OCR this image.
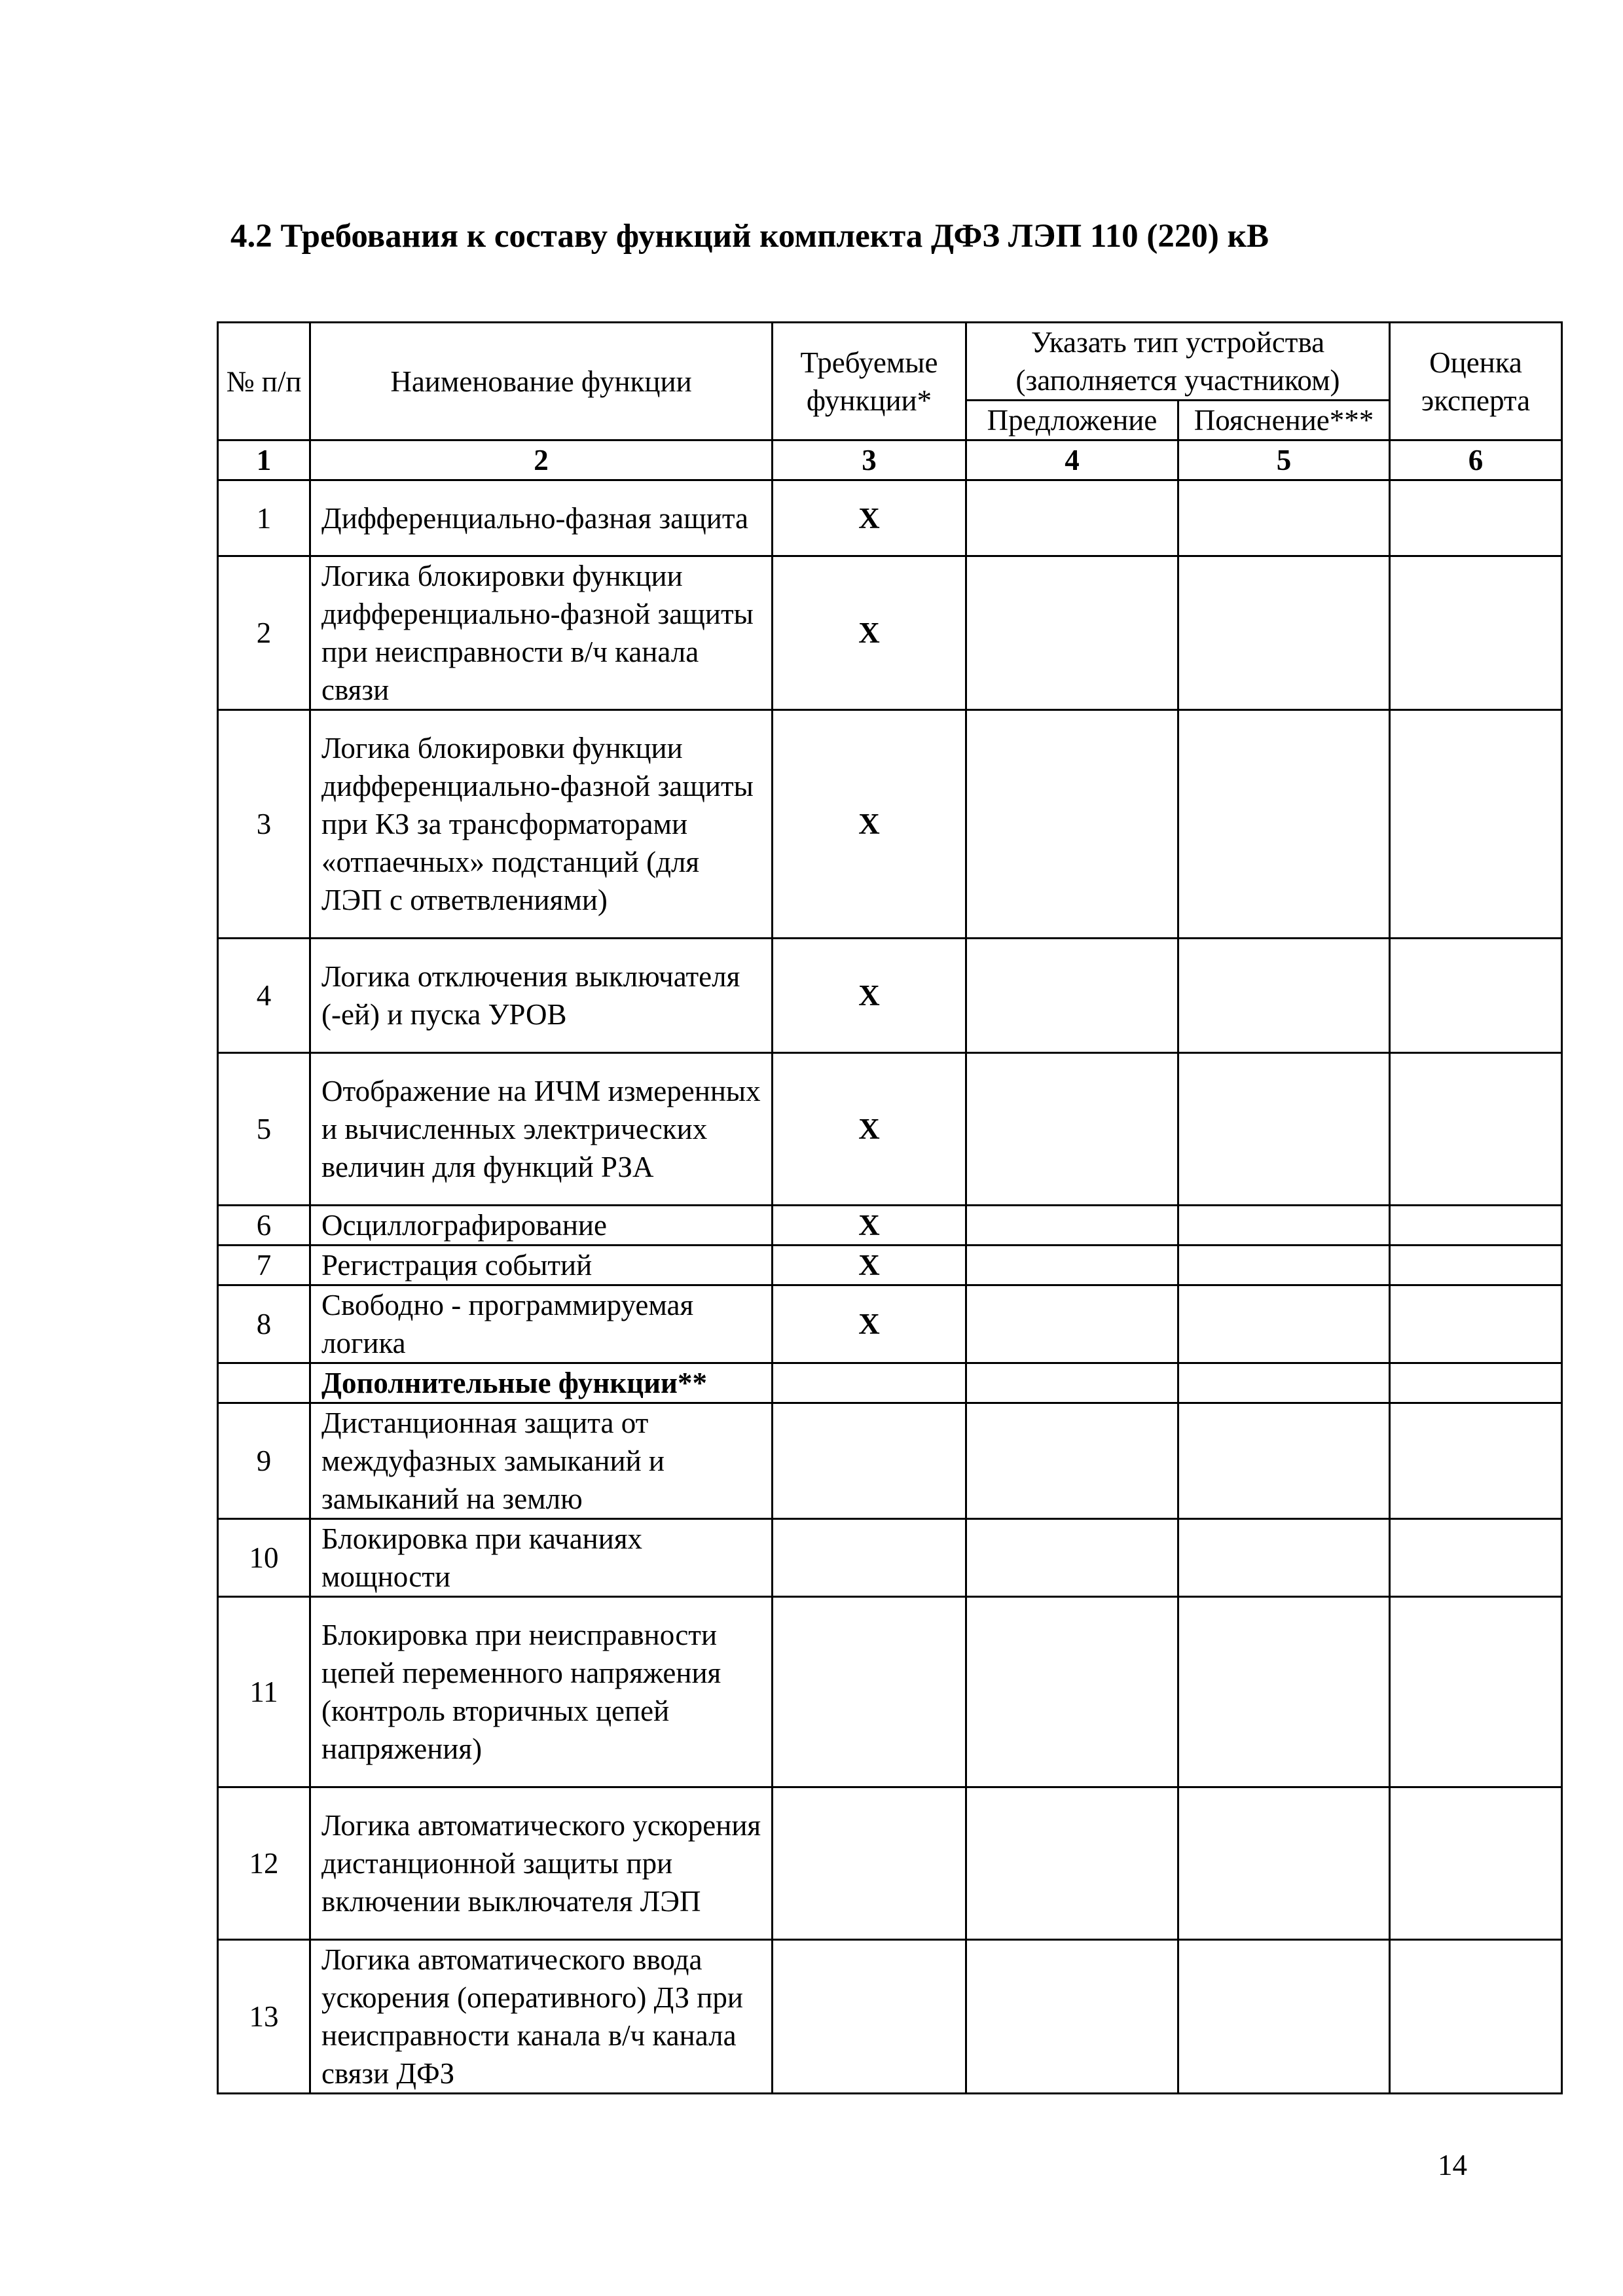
4.2 Требования к составу функций комплекта ДФЗ ЛЭП 110 (220) кВ
№ п/п	Наименование функции	Требуемые функции*	Указать тип устройства (заполняется участником)		Оценка эксперта
			Предложение	Пояснение***	
1	2	3	4	5	6
1	Дифференциально-фазная защита	Х			
2	Логика блокировки функции дифференциально-фазной защиты при неисправности в/ч канала связи	Х			
3	Логика блокировки функции дифференциально-фазной защиты при КЗ за трансформаторами «отпаечных» подстанций (для ЛЭП с ответвлениями)	Х			
4	Логика отключения выключателя (-ей) и пуска УРОВ	Х			
5	Отображение на ИЧМ измеренных и вычисленных электрических величин для функций РЗА	Х			
6	Осциллографирование	Х			
7	Регистрация событий	Х			
8	Свободно - программируемая логика	Х			
	Дополнительные функции**				
9	Дистанционная защита от междуфазных замыканий и замыканий на землю				
10	Блокировка при качаниях мощности				
11	Блокировка при неисправности цепей переменного напряжения (контроль вторичных цепей напряжения)				
12	Логика автоматического ускорения дистанционной защиты при включении выключателя ЛЭП				
13	Логика автоматического ввода ускорения (оперативного) ДЗ при неисправности канала в/ч канала связи ДФЗ				
14
